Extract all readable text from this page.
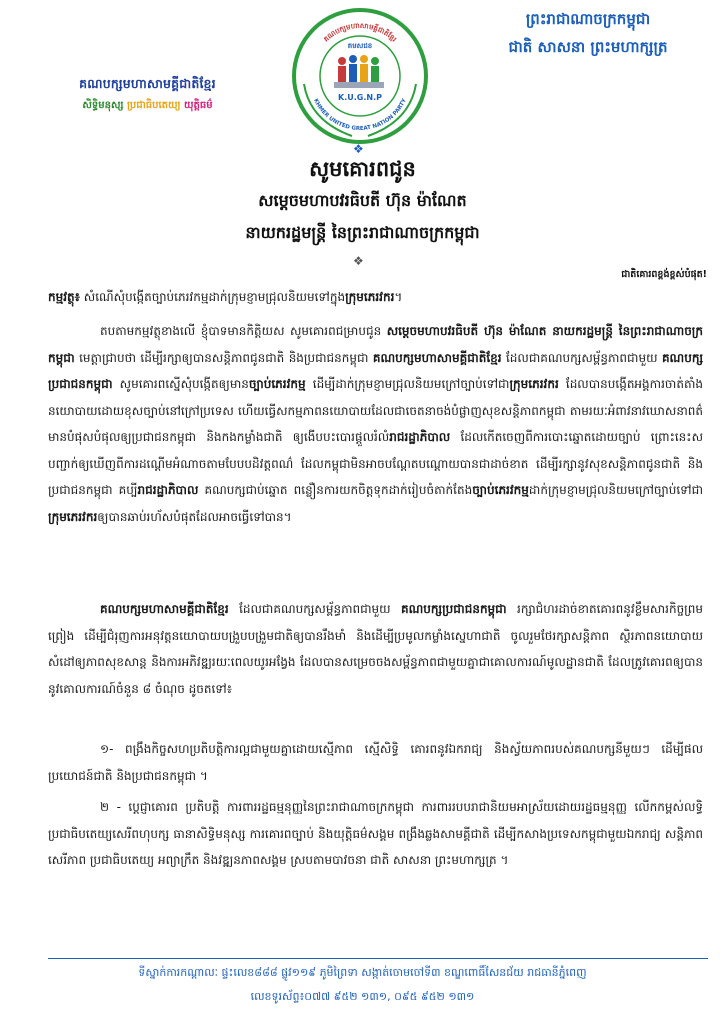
គណបក្សមហាសាមគ្គីជាតិខ្មែរ
សិទ្ធិមនុស្ស ប្រជាធិបតេយ្យ យុត្តិធម៌
គណបក្សមហាសាមគ្គីជាតិខ្មែរ
KHMER UNITED GREAT NATION PARTY
គមសជខ
K.U.G.N.P
ព្រះរាជាណាចក្រកម្ពុជា
ជាតិ សាសនា ព្រះមហាក្សត្រ
❖
សូមគោរពជូន
សម្តេចមហាបវរធិបតី ហ៊ុន ម៉ាណែត
នាយករដ្ឋមន្ត្រី នៃព្រះរាជាណាចក្រកម្ពុជា
❖
ជាតិគោរពខ្ពង់ខ្ពស់បំផុត!
កម្មវត្ថុ៖ សំណើសុំបង្កើតច្បាប់ភេរវកម្មដាក់ក្រុមខ្ញាមជ្រុលនិយមទៅក្នុងក្រុមភេរវករ។
តបតាមកម្មវត្ថុខាងលើ ខ្ញុំបាទមានកិត្តិយស សូមគោរពជម្រាបជូន សម្តេចមហាបវរធិបតី ហ៊ុន ម៉ាណែត នាយករដ្ឋមន្ត្រី នៃព្រះរាជាណាចក្រកម្ពុជា មេត្តាជ្រាបថា ដើម្បីរក្សាឲ្យបានសន្តិភាពជូនជាតិ និងប្រជាជនកម្ពុជា គណបក្សមហាសាមគ្គីជាតិខ្មែរ ដែលជាគណបក្សសម្ព័ន្ធភាពជាមួយ គណបក្សប្រជាជនកម្ពុជា សូមគោរពស្នើសុំបង្កើតឲ្យមានច្បាប់ភេរវកម្ម ដើម្បីដាក់ក្រុមខ្ញាមជ្រុលនិយមក្រៅច្បាប់ទៅជាក្រុមភេរវករ ដែលបានបង្កើតអង្គការចាត់តាំងនយោបាយដោយខុសច្បាប់នៅក្រៅប្រទេស ហើយធ្វើសកម្មភាពនយោបាយដែលជាចេតនាចង់បំផ្លាញសុខសន្តិភាពកម្ពុជា តាមរយៈអំពាវនាវឃោសនាពត៌មានបំផុសបំផុលឲ្យប្រជាជនកម្ពុជា និងកងកម្លាំងជាតិ ឲ្យងើបបះបោរផ្តួលរំលំរាជរដ្ឋាភិបាល ដែលកើតចេញពីការបោះឆ្នោតដោយច្បាប់ ព្រោះនេះសបញ្ជាក់ឲ្យឃើញពីការដណ្តើមអំណាចតាមបែបបដិវត្តពណ៌ ដែលកម្ពុជាមិនអាចបណ្តែតបណ្តោយបានជាដាច់ខាត ដើម្បីរក្សានូវសុខសន្តិភាពជូនជាតិ និងប្រជាជនកម្ពុជា គប្បីរាជរដ្ឋាភិបាល គណបក្សជាប់ឆ្នោត ពន្លឿនការយកចិត្តទុកដាក់រៀបចំតាក់តែងច្បាប់ភេរវកម្មដាក់ក្រុមខ្ញាមជ្រុលនិយមក្រៅច្បាប់ទៅជាក្រុមភេរវករឲ្យបានឆាប់រហ័សបំផុតដែលអាចធ្វើទៅបាន។
គណបក្សមហាសាមគ្គីជាតិខ្មែរ ដែលជាគណបក្សសម្ព័ន្ធភាពជាមួយ គណបក្សប្រជាជនកម្ពុជា រក្សាជំហរដាច់ខាតគោរពនូវខ្លឹមសារកិច្ចព្រមព្រៀង ដើម្បីជំរុញការអនុវត្តនយោបាយបង្រួបបង្រួមជាតិឲ្យបានរឹងមាំ និងដើម្បីប្រមូលកម្លាំងស្នេហាជាតិ ចូលរួមថែរក្សាសន្តិភាព ស្ថិរភាពនយោបាយ សំដៅឲ្យភាពសុខសាន្ត និងការអភិវឌ្ឍរយៈពេលយូរអង្វែង ដែលបានសម្រេចចងសម្ព័ន្ធភាពជាមួយគ្នាជាគោលការណ៍មូលដ្ឋានជាតិ ដែលត្រូវគោរពឲ្យបាននូវគោលការណ៍ចំនួន ៨ ចំណុច ដូចតទៅ៖
១- ពង្រឹងកិច្ចសហប្រតិបត្តិការល្អជាមួយគ្នាដោយស្មើភាព ស្មើសិទ្ធិ គោរពនូវឯករាជ្យ និងស្វ័យភាពរបស់គណបក្សនីមួយៗ ដើម្បីផលប្រយោជន៍ជាតិ និងប្រជាជនកម្ពុជា ។
២ - ប្តេជ្ញាគោរព ប្រតិបត្តិ ការពាររដ្ឋធម្មនុញ្ញនៃព្រះរាជាណាចក្រកម្ពុជា ការពាររបបរាជានិយមអាស្រ័យដោយរដ្ឋធម្មនុញ្ញ លើកកម្ពស់លទ្ធិប្រជាធិបតេយ្យសេរីពហុបក្ស ធានាសិទ្ធិមនុស្ស ការគោរពច្បាប់ និងយុត្តិធម៌សង្គម ពង្រឹងឆ្លងសាមគ្គីជាតិ ដើម្បីកសាងប្រទេសកម្ពុជាមួយឯករាជ្យ សន្តិភាព សេរីភាព ប្រជាធិបតេយ្យ អព្យាក្រឹត និងវឌ្ឍនភាពសង្គម ស្របតាមបាវចនា ជាតិ សាសនា ព្រះមហាក្សត្រ ។
ទីស្នាក់ការកណ្តាលៈ ផ្ទះលេខ៨៨៨ ផ្លូវ១១៩ ភូមិព្រៃទា សង្កាត់ចោមចៅទី៣ ខណ្ឌពោធិ៍សែនជ័យ រាជធានីភ្នំពេញ
លេខទូរស័ព្ទ៖០៧៧ ៩៥២ ១៣១, ០៩៥ ៩៥២ ១៣១
